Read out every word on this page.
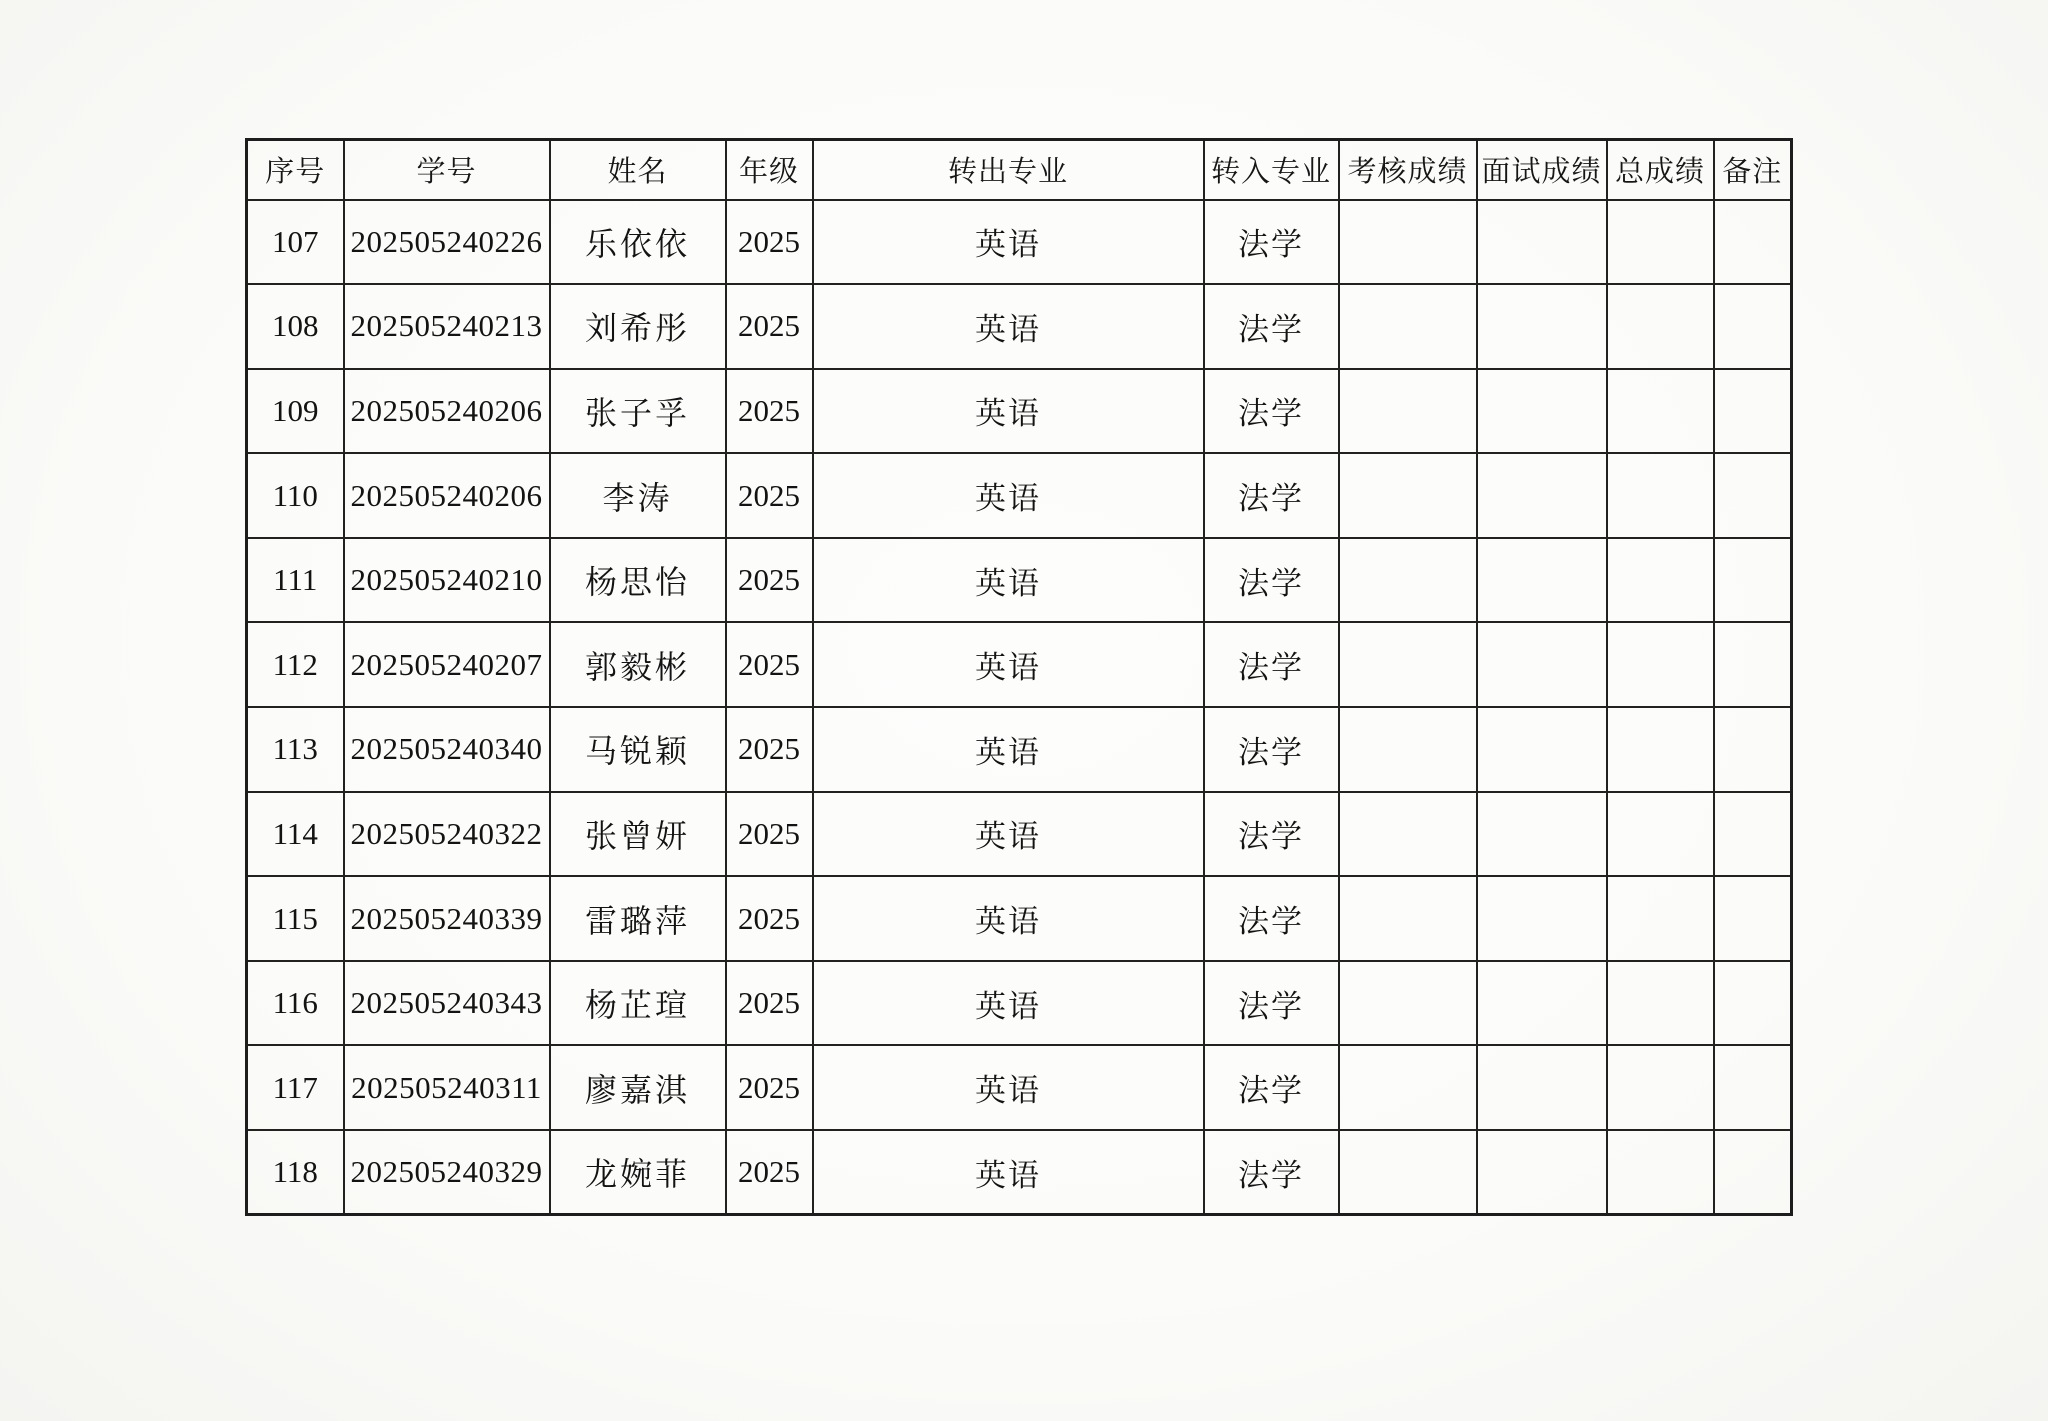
序号	学号	姓名	年级	转出专业	转入专业	考核成绩	面试成绩	总成绩	备注
107	202505240226	乐依依	2025	英语	法学				
108	202505240213	刘希彤	2025	英语	法学				
109	202505240206	张子孚	2025	英语	法学				
110	202505240206	李涛	2025	英语	法学				
111	202505240210	杨思怡	2025	英语	法学				
112	202505240207	郭毅彬	2025	英语	法学				
113	202505240340	马锐颖	2025	英语	法学				
114	202505240322	张曾妍	2025	英语	法学				
115	202505240339	雷璐萍	2025	英语	法学				
116	202505240343	杨芷瑄	2025	英语	法学				
117	202505240311	廖嘉淇	2025	英语	法学				
118	202505240329	龙婉菲	2025	英语	法学				
